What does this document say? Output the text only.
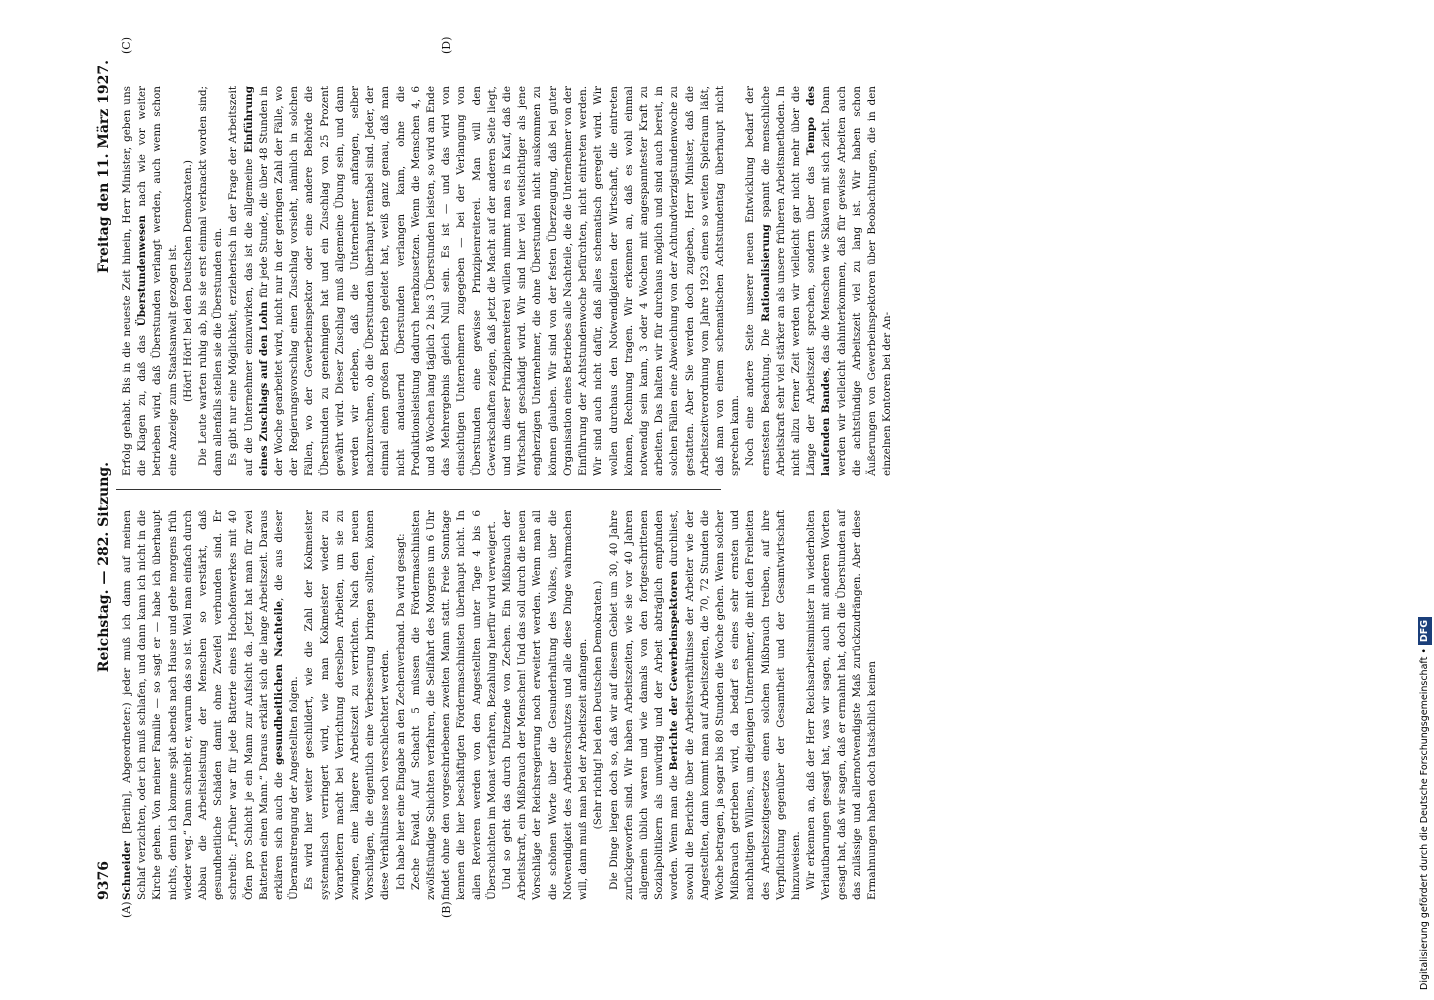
9376
Reichstag. — 282. Sitzung.
Freitag den 11. März 1927.
(A)	(B)
(C)	(D)

Schneider [Berlin], Abgeordneter:) jeder muß ich dann auf meinen Schlaf verzichten, oder ich muß schlafen, und dann kann ich nicht in die Kirche gehen. Von meiner Familie — so sagt er — habe ich überhaupt nichts, denn ich komme spät abends nach Hause und gehe morgens früh wieder weg.“ Dann schreibt er, warum das so ist. Weil man einfach durch Abbau die Arbeitsleistung der Menschen so verstärkt, daß gesundheitliche Schäden damit ohne Zweifel verbunden sind. Er schreibt: „Früher war für jede Batterie eines Hochofenwerkes mit 40 Öfen pro Schicht je ein Mann zur Aufsicht da. Jetzt hat man für zwei Batterien einen Mann.“ Daraus erklärt sich die lange Arbeitszeit. Daraus erklären sich auch die gesundheitlichen Nachteile, die aus dieser Überanstrengung der Angestellten folgen. Es wird hier weiter geschildert, wie die Zahl der Kokmeister systematisch verringert wird, wie man Kokmeister wieder zu Vorarbeitern macht bei Verrichtung derselben Arbeiten, um sie zu zwingen, eine längere Arbeitszeit zu verrichten. Nach den neuen Vorschlägen, die eigentlich eine Verbesserung bringen sollten, können diese Verhältnisse noch verschlechtert werden. Ich habe hier eine Eingabe an den Zechenverband. Da wird gesagt: Zeche Ewald. Auf Schacht 5 müssen die Fördermaschinisten zwölfstündige Schichten verfahren, die Seilfahrt des Morgens um 6 Uhr findet ohne den vorgeschriebenen zweiten Mann statt. Freie Sonntage kennen die hier beschäftigten Fördermaschinisten überhaupt nicht. In allen Revieren werden von den Angestellten unter Tage 4 bis 6 Überschichten im Monat verfahren, Bezahlung hierfür wird verweigert. Und so geht das durch Dutzende von Zechen. Ein Mißbrauch der Arbeitskraft, ein Mißbrauch der Menschen! Und das soll durch die neuen Vorschläge der Reichsregierung noch erweitert werden. Wenn man all die schönen Worte über die Gesunderhaltung des Volkes, über die Notwendigkeit des Arbeiterschutzes und alle diese Dinge wahrmachen will, dann muß man bei der Arbeitszeit anfangen. (Sehr richtig! bei den Deutschen Demokraten.) Die Dinge liegen doch so, daß wir auf diesem Gebiet um 30, 40 Jahre zurückgeworfen sind. Wir haben Arbeitszeiten, wie sie vor 40 Jahren allgemein üblich waren und wie damals von den fortgeschrittenen Sozialpolitikern als unwürdig und der Arbeit abträglich empfunden worden. Wenn man die Berichte der Gewerbeinspektoren durchliest, sowohl die Berichte über die Arbeitsverhältnisse der Arbeiter wie der Angestellten, dann kommt man auf Arbeitszeiten, die 70, 72 Stunden die Woche betragen, ja sogar bis 80 Stunden die Woche gehen. Wenn solcher Mißbrauch getrieben wird, da bedarf es eines sehr ernsten und nachhaltigen Willens, um diejenigen Unternehmer, die mit den Freiheiten des Arbeitszeitgesetzes einen solchen Mißbrauch treiben, auf ihre Verpflichtung gegenüber der Gesamtheit und der Gesamtwirtschaft hinzuweisen. Wir erkennen an, daß der Herr Reichsarbeitsminister in wiederholten Verlautbarungen gesagt hat, was wir sagen, auch mit anderen Worten gesagt hat, daß wir sagen, daß er ermahnt hat, doch die Überstunden auf das zulässige und allernotwendigste Maß zurückzudrängen. Aber diese Ermahnungen haben doch tatsächlich keinen

Erfolg gehabt. Bis in die neueste Zeit hinein, Herr Minister, geben uns die Klagen zu, daß das Überstundenwesen nach wie vor weiter betrieben wird, daß Überstunden verlangt werden, auch wenn schon eine Anzeige zum Staatsanwalt gezogen ist. (Hört! Hört! bei den Deutschen Demokraten.) Die Leute warten ruhig ab, bis sie erst einmal verknackt worden sind; dann allenfalls stellen sie die Überstunden ein. Es gibt nur eine Möglichkeit, erzieherisch in der Frage der Arbeitszeit auf die Unternehmer einzuwirken, das ist die allgemeine Einführung eines Zuschlags auf den Lohn für jede Stunde, die über 48 Stunden in der Woche gearbeitet wird, nicht nur in der geringen Zahl der Fälle, wo der Regierungsvorschlag einen Zuschlag vorsieht, nämlich in solchen Fällen, wo der Gewerbeinspektor oder eine andere Behörde die Überstunden zu genehmigen hat und ein Zuschlag von 25 Prozent gewährt wird. Dieser Zuschlag muß allgemeine Übung sein, und dann werden wir erleben, daß die Unternehmer anfangen, selber nachzurechnen, ob die Überstunden überhaupt rentabel sind. Jeder, der einmal einen großen Betrieb geleitet hat, weiß ganz genau, daß man nicht andauernd Überstunden verlangen kann, ohne die Produktionsleistung dadurch herabzusetzen. Wenn die Menschen 4, 6 und 8 Wochen lang täglich 2 bis 3 Überstunden leisten, so wird am Ende das Mehrergebnis gleich Null sein. Es ist — und das wird von einsichtigen Unternehmern zugegeben — bei der Verlangung von Überstunden eine gewisse Prinzipienreiterei. Man will den Gewerkschaften zeigen, daß jetzt die Macht auf der anderen Seite liegt, und um dieser Prinzipienreiterei willen nimmt man es in Kauf, daß die Wirtschaft geschädigt wird. Wir sind hier viel weitsichtiger als jene engherzigen Unternehmer, die ohne Überstunden nicht auskommen zu können glauben. Wir sind von der festen Überzeugung, daß bei guter Organisation eines Betriebes alle Nachteile, die die Unternehmer von der Einführung der Achtstundenwoche befürchten, nicht eintreten werden. Wir sind auch nicht dafür, daß alles schematisch geregelt wird. Wir wollen durchaus den Notwendigkeiten der Wirtschaft, die eintreten können, Rechnung tragen. Wir erkennen an, daß es wohl einmal notwendig sein kann, 3 oder 4 Wochen mit angespanntester Kraft zu arbeiten. Das halten wir für durchaus möglich und sind auch bereit, in solchen Fällen eine Abweichung von der Achtundvierzigstundenwoche zu gestatten. Aber Sie werden doch zugeben, Herr Minister, daß die Arbeitszeitverordnung vom Jahre 1923 einen so weiten Spielraum läßt, daß man von einem schematischen Achtstundentag überhaupt nicht sprechen kann. Noch eine andere Seite unserer neuen Entwicklung bedarf der ernstesten Beachtung. Die Rationalisierung spannt die menschliche Arbeitskraft sehr viel stärker an als unsere früheren Arbeitsmethoden. In nicht allzu ferner Zeit werden wir vielleicht gar nicht mehr über die Länge der Arbeitszeit sprechen, sondern über das Tempo des laufenden Bandes, das die Menschen wie Sklaven mit sich zieht. Dann werden wir vielleicht dahinterkommen, daß für gewisse Arbeiten auch die achtstündige Arbeitszeit viel zu lang ist. Wir haben schon Äußerungen von Gewerbeinspektoren über Beobachtungen, die in den einzelnen Kontoren bei der An-

Digitalisierung gefördert durch die Deutsche Forschungsgemeinschaft •DFG
